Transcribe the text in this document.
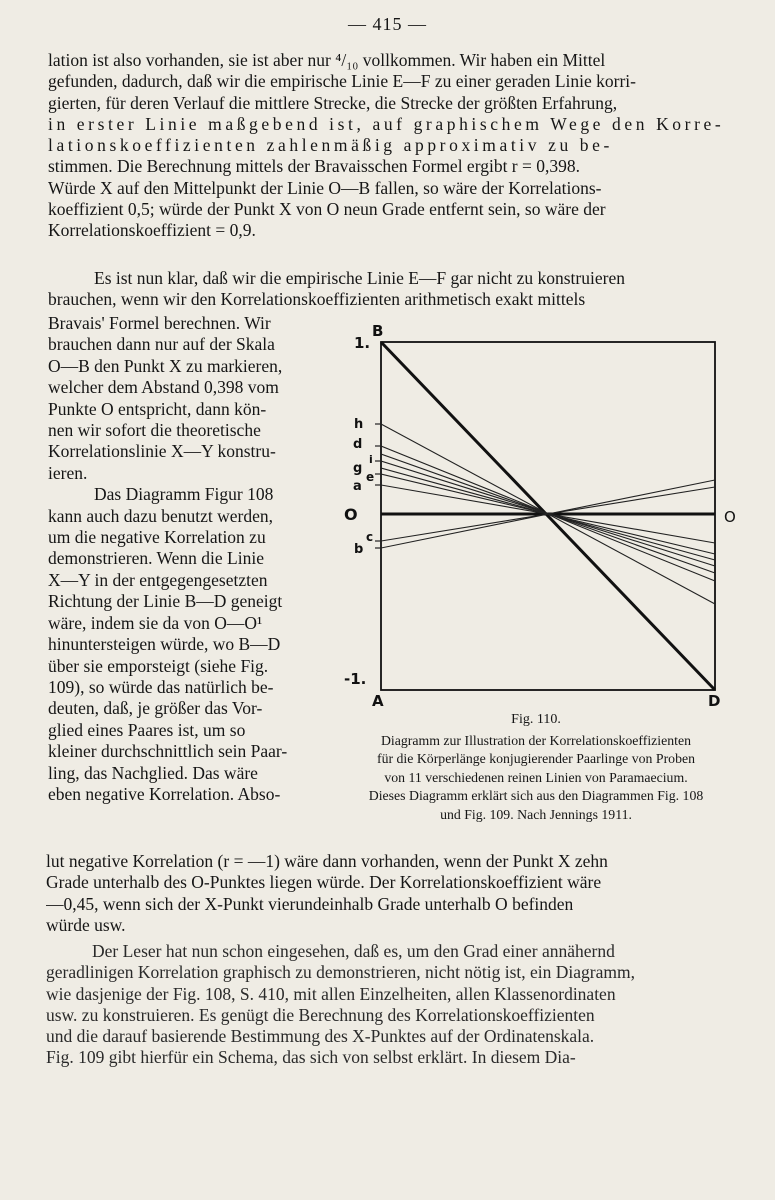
— 415 —
lation ist also vorhanden, sie ist aber nur ⁴/₁₀ vollkommen. Wir haben ein Mittel
gefunden, dadurch, daß wir die empirische Linie E—F zu einer geraden Linie korri-
gierten, für deren Verlauf die mittlere Strecke, die Strecke der größten Erfahrung,
in erster Linie maßgebend ist, auf graphischem Wege den Korre-
lationskoeffizienten zahlenmäßig approximativ zu be-
stimmen. Die Berechnung mittels der Bravaisschen Formel ergibt r = 0,398.
Würde X auf den Mittelpunkt der Linie O—B fallen, so wäre der Korrelations-
koeffizient 0,5; würde der Punkt X von O neun Grade entfernt sein, so wäre der
Korrelationskoeffizient = 0,9.
Es ist nun klar, daß wir die empirische Linie E—F gar nicht zu konstruieren
brauchen, wenn wir den Korrelationskoeffizienten arithmetisch exakt mittels
Bravais' Formel berechnen. Wir
brauchen dann nur auf der Skala
O—B den Punkt X zu markieren,
welcher dem Abstand 0,398 vom
Punkte O entspricht, dann kön-
nen wir sofort die theoretische
Korrelationslinie X—Y konstru-
ieren.
Das Diagramm Figur 108
kann auch dazu benutzt werden,
um die negative Korrelation zu
demonstrieren. Wenn die Linie
X—Y in der entgegengesetzten
Richtung der Linie B—D geneigt
wäre, indem sie da von O—O¹
hinuntersteigen würde, wo B—D
über sie emporsteigt (siehe Fig.
109), so würde das natürlich be-
deuten, daß, je größer das Vor-
glied eines Paares ist, um so
kleiner durchschnittlich sein Paar-
ling, das Nachglied. Das wäre
eben negative Korrelation. Abso-
1.
B
h
d
i
g
e
a
O	O
c
b
-1.
A	D
Fig. 110.
Diagramm zur Illustration der Korrelationskoeffizienten
für die Körperlänge konjugierender Paarlinge von Proben
von 11 verschiedenen reinen Linien von Paramaecium.
Dieses Diagramm erklärt sich aus den Diagrammen Fig. 108
und Fig. 109. Nach Jennings 1911.
lut negative Korrelation (r = —1) wäre dann vorhanden, wenn der Punkt X zehn
Grade unterhalb des O-Punktes liegen würde. Der Korrelationskoeffizient wäre
—0,45, wenn sich der X-Punkt vierundeinhalb Grade unterhalb O befinden
würde usw.
Der Leser hat nun schon eingesehen, daß es, um den Grad einer annähernd
geradlinigen Korrelation graphisch zu demonstrieren, nicht nötig ist, ein Diagramm,
wie dasjenige der Fig. 108, S. 410, mit allen Einzelheiten, allen Klassenordinaten
usw. zu konstruieren. Es genügt die Berechnung des Korrelationskoeffizienten
und die darauf basierende Bestimmung des X-Punktes auf der Ordinatenskala.
Fig. 109 gibt hierfür ein Schema, das sich von selbst erklärt. In diesem Dia-
